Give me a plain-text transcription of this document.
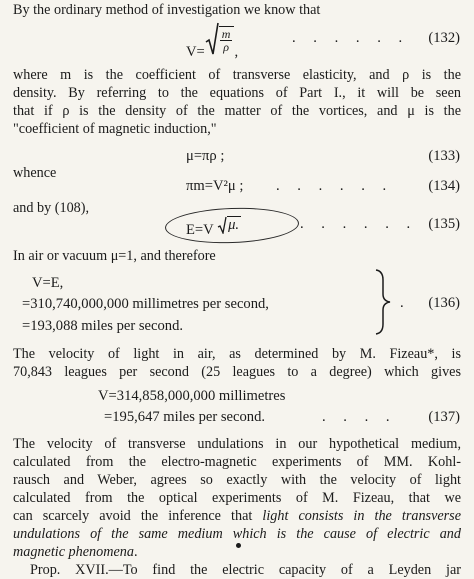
By the ordinary method of investigation we know that
$V= \frac{m}{\rho}$ ,
. . . . . . (132)
where m is the coefficient of transverse elasticity, and ρ is the
density. By referring to the equations of Part I., it will be seen
that if ρ is the density of the matter of the vortices, and μ is the
"coefficient of magnetic induction,"
μ=πρ ;	(133)
whence
πm=V²μ ; . . . . . . (134)
and by (108),
E=V μ.	. . . . . . (135)
In air or vacuum μ=1, and therefore
V=E,
=310,740,000,000 millimetres per second,
=193,088 miles per second.
. (136)
The velocity of light in air, as determined by M. Fizeau*, is
70,843 leagues per second (25 leagues to a degree) which gives
V=314,858,000,000 millimetres
=195,647 miles per second.	. . . . (137)
The velocity of transverse undulations in our hypothetical medium,
calculated from the electro-magnetic experiments of MM. Kohl-
rausch and Weber, agrees so exactly with the velocity of light
calculated from the optical experiments of M. Fizeau, that we
can scarcely avoid the inference that light consists in the transverse
undulations of the same medium which is the cause of electric and
magnetic phenomena.
Prop. XVII.—To find the electric capacity of a Leyden jar
